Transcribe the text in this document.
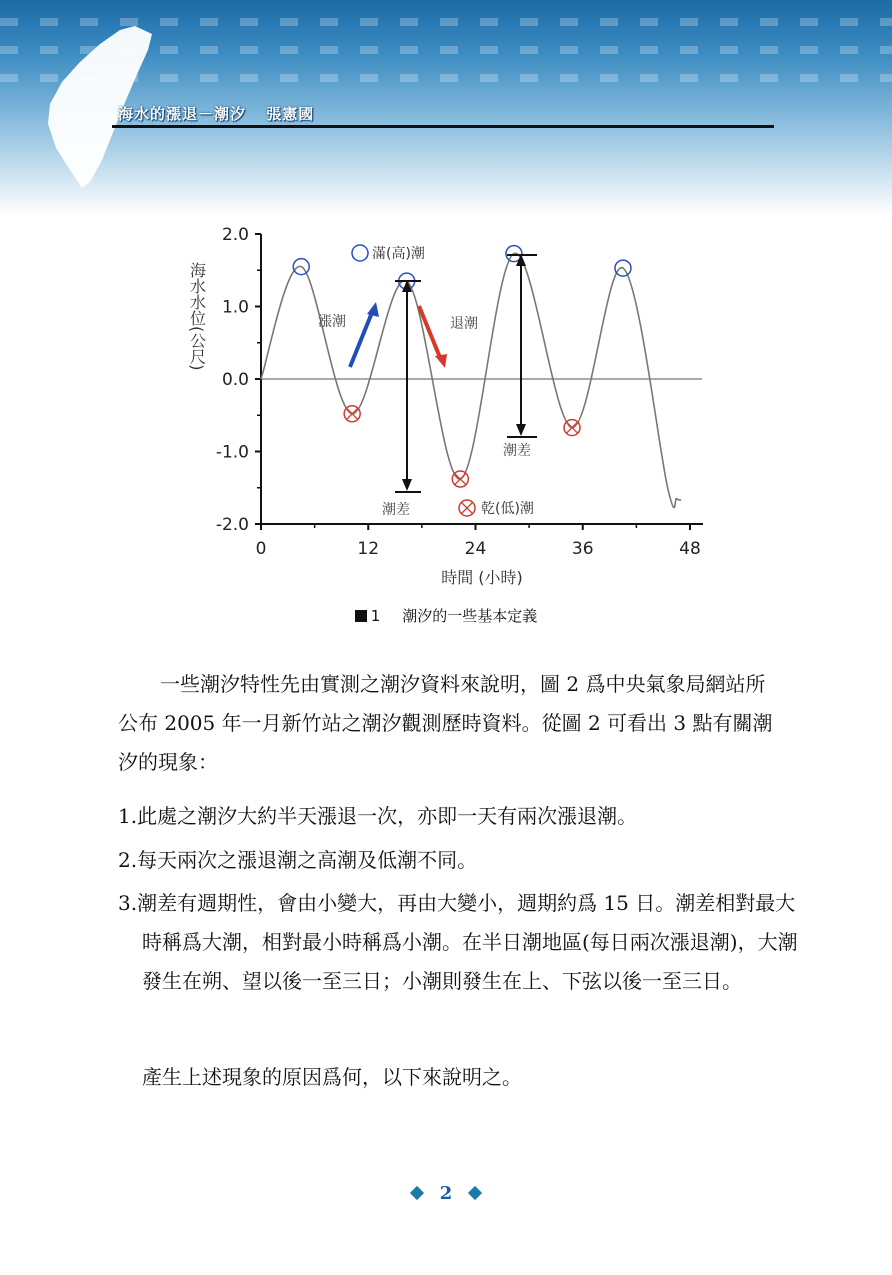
海水的漲退－潮汐 張憲國
2.0
1.0
0.0
-1.0
-2.0
0	12	24	36	48
海水水位(公尺)
時間 (小時)
漲潮	退潮
潮差
潮差
滿(高)潮
乾(低)潮
1 潮汐的一些基本定義
一些潮汐特性先由實測之潮汐資料來說明，圖 2 爲中央氣象局網站所公布 2005 年一月新竹站之潮汐觀測歷時資料。從圖 2 可看出 3 點有關潮汐的現象：
1.此處之潮汐大約半天漲退一次，亦即一天有兩次漲退潮。
2.每天兩次之漲退潮之高潮及低潮不同。
3.潮差有週期性，會由小變大，再由大變小，週期約爲 15 日。潮差相對最大時稱爲大潮，相對最小時稱爲小潮。在半日潮地區(每日兩次漲退潮)，大潮發生在朔、望以後一至三日；小潮則發生在上、下弦以後一至三日。
產生上述現象的原因爲何，以下來說明之。
2
